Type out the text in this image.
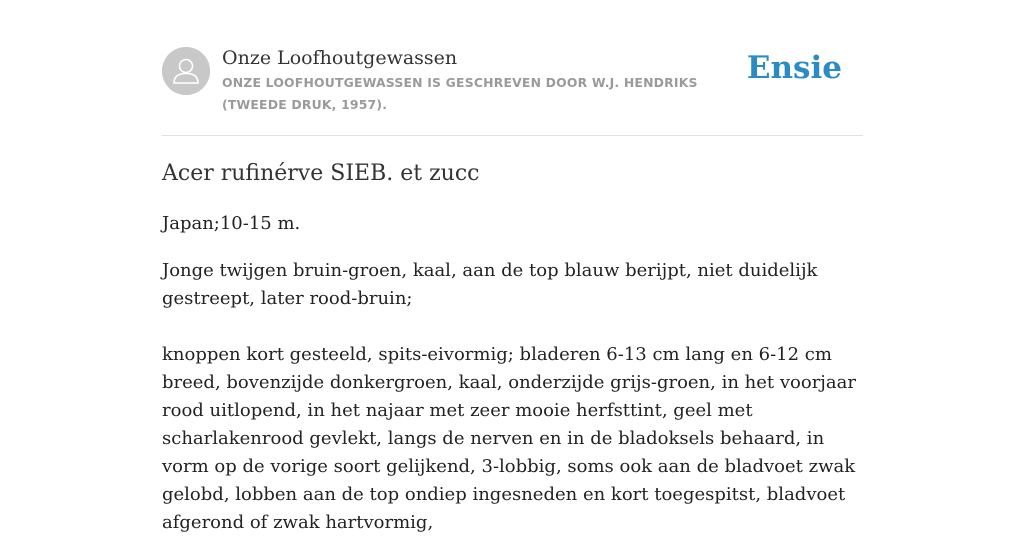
Onze Loofhoutgewassen
ONZE LOOFHOUTGEWASSEN IS GESCHREVEN DOOR W.J. HENDRIKS (TWEEDE DRUK, 1957).
Ensie
Acer rufinérve SIEB. et zucc

Japan;10-15 m.

Jonge twijgen bruin-groen, kaal, aan de top blauw berijpt, niet duidelijk gestreept, later rood-bruin;

knoppen kort gesteeld, spits-eivormig; bladeren 6-13 cm lang en 6-12 cm breed, bovenzijde donkergroen, kaal, onderzijde grijs-groen, in het voorjaar rood uitlopend, in het najaar met zeer mooie herfsttint, geel met scharlakenrood gevlekt, langs de nerven en in de bladoksels behaard, in vorm op de vorige soort gelijkend, 3-lobbig, soms ook aan de bladvoet zwak gelobd, lobben aan de top ondiep ingesneden en kort toegespitst, bladvoet afgerond of zwak hartvormig,
